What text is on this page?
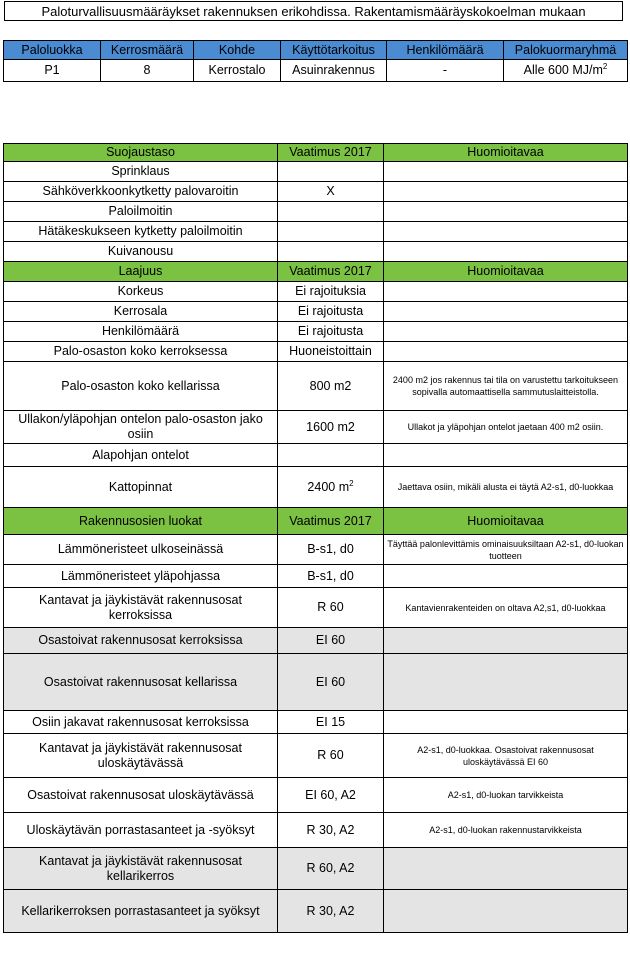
Paloturvallisuusmääräykset rakennuksen erikohdissa. Rakentamismääräyskokoelman mukaan
Paloluokka	Kerrosmäärä	Kohde	Käyttötarkoitus	Henkilömäärä	Palokuormaryhmä
P1	8	Kerrostalo	Asuinrakennus	-	Alle 600 $MJ/m^2$
Suojaustaso	Vaatimus 2017	Huomioitavaa
Sprinklaus		
Sähköverkkoonkytketty palovaroitin	X	
Paloilmoitin		
Hätäkeskukseen kytketty paloilmoitin		
Kuivanousu		
Laajuus	Vaatimus 2017	Huomioitavaa
Korkeus	Ei rajoituksia	
Kerrosala	Ei rajoitusta	
Henkilömäärä	Ei rajoitusta	
Palo-osaston koko kerroksessa	Huoneistoittain	
Palo-osaston koko kellarissa	800 m2	2400 m2 jos rakennus tai tila on varustettu tarkoitukseen sopivalla automaattisella sammutuslaitteistolla.
Ullakon/yläpohjan ontelon palo-osaston jako osiin	1600 m2	Ullakot ja yläpohjan ontelot jaetaan 400 m2 osiin.
Alapohjan ontelot		
Kattopinnat	2400 $m^2$	Jaettava osiin, mikäli alusta ei täytä A2-s1, d0-luokkaa
Rakennusosien luokat	Vaatimus 2017	Huomioitavaa
Lämmöneristeet ulkoseinässä	B-s1, d0	Täyttää palonlevittämis ominaisuuksiltaan A2-s1, d0-luokan tuotteen
Lämmöneristeet yläpohjassa	B-s1, d0	
Kantavat ja jäykistävät rakennusosat kerroksissa	R 60	Kantavienrakenteiden on oltava A2,s1, d0-luokkaa
Osastoivat rakennusosat kerroksissa	EI 60	
Osastoivat rakennusosat kellarissa	EI 60	
Osiin jakavat rakennusosat kerroksissa	EI 15	
Kantavat ja jäykistävät rakennusosat uloskäytävässä	R 60	A2-s1, d0-luokkaa. Osastoivat rakennusosat uloskäytävässä EI 60
Osastoivat rakennusosat uloskäytävässä	EI 60, A2	A2-s1, d0-luokan tarvikkeista
Uloskäytävän porrastasanteet ja -syöksyt	R 30, A2	A2-s1, d0-luokan rakennustarvikkeista
Kantavat ja jäykistävät rakennusosat kellarikerros	R 60, A2	
Kellarikerroksen porrastasanteet ja syöksyt	R 30, A2	
